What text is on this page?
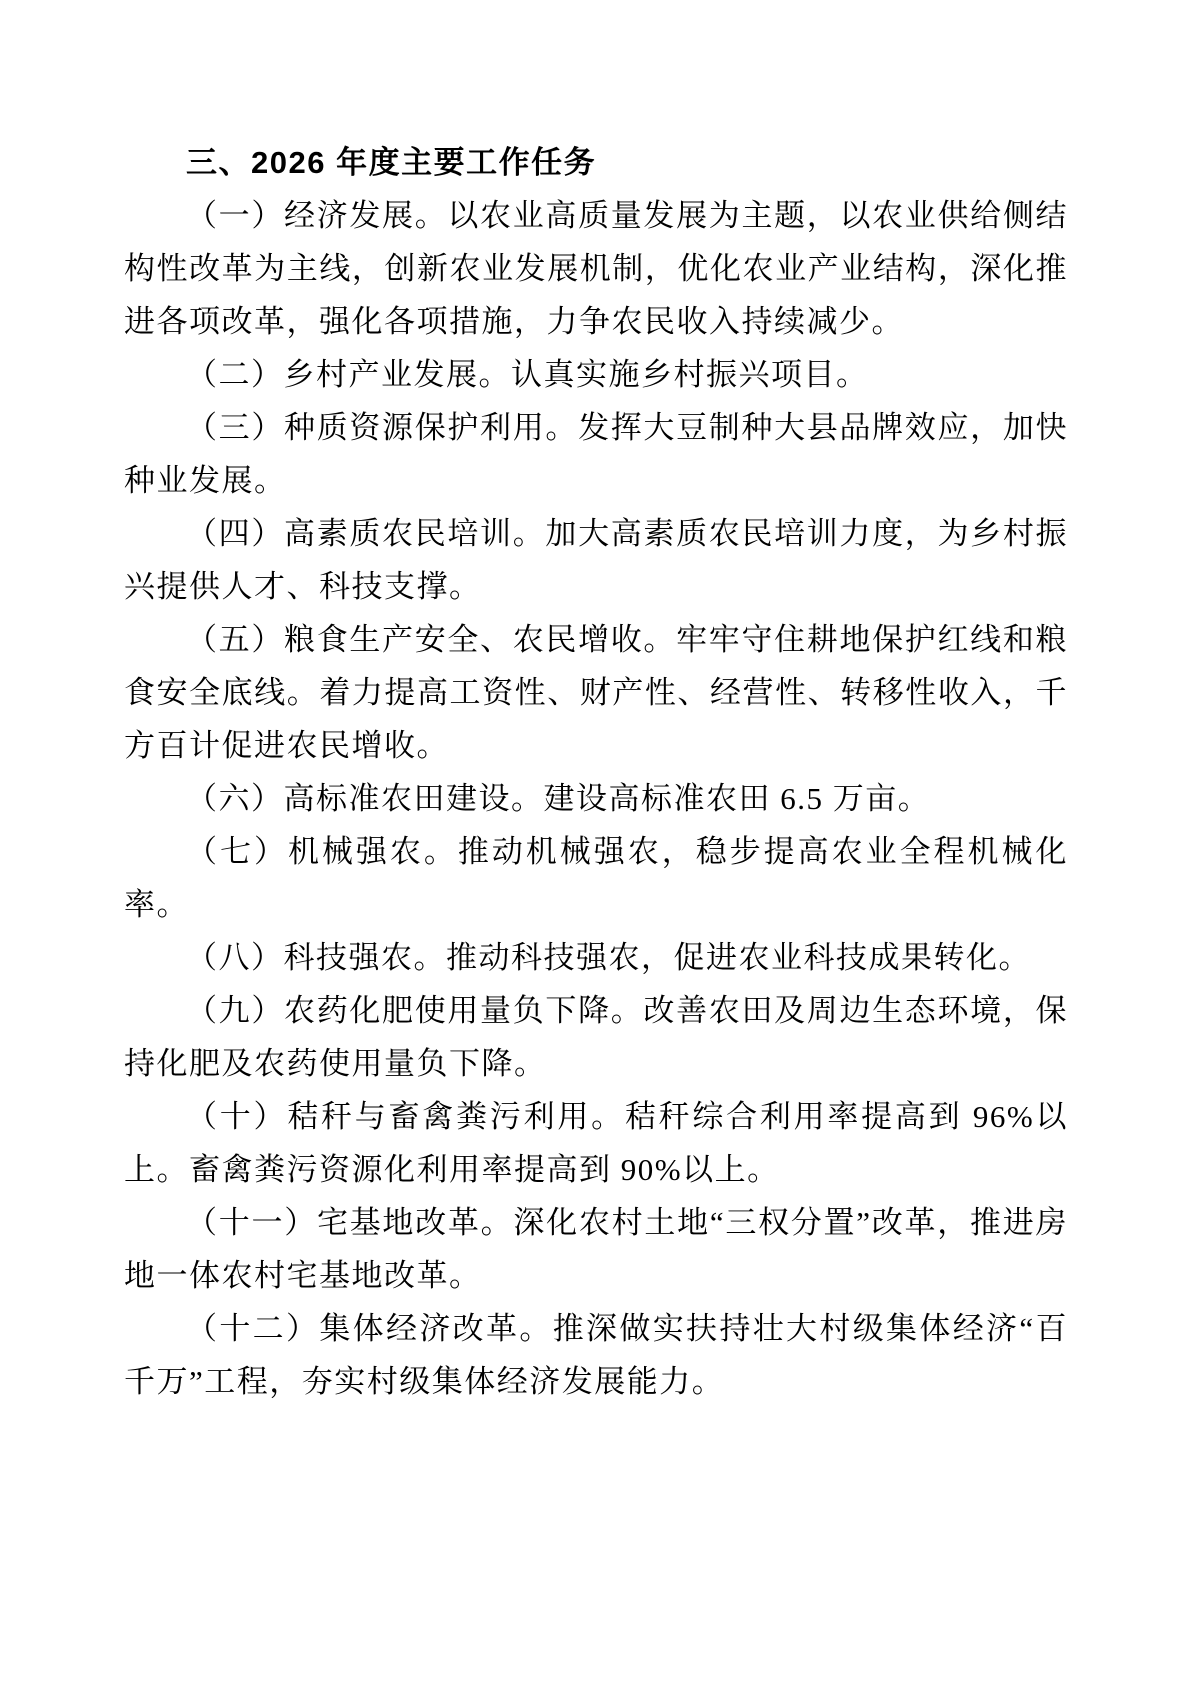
三、2026 年度主要工作任务

（一）经济发展。以农业高质量发展为主题，以农业供给侧结构性改革为主线，创新农业发展机制，优化农业产业结构，深化推进各项改革，强化各项措施，力争农民收入持续减少。

（二）乡村产业发展。认真实施乡村振兴项目。

（三）种质资源保护利用。发挥大豆制种大县品牌效应，加快种业发展。

（四）高素质农民培训。加大高素质农民培训力度，为乡村振兴提供人才、科技支撑。

（五）粮食生产安全、农民增收。牢牢守住耕地保护红线和粮食安全底线。着力提高工资性、财产性、经营性、转移性收入，千方百计促进农民增收。

（六）高标准农田建设。建设高标准农田 6.5 万亩。

（七）机械强农。推动机械强农，稳步提高农业全程机械化率。

（八）科技强农。推动科技强农，促进农业科技成果转化。

（九）农药化肥使用量负下降。改善农田及周边生态环境，保持化肥及农药使用量负下降。

（十）秸秆与畜禽粪污利用。秸秆综合利用率提高到 96%以上。畜禽粪污资源化利用率提高到 90%以上。

（十一）宅基地改革。深化农村土地“三权分置”改革，推进房地一体农村宅基地改革。

（十二）集体经济改革。推深做实扶持壮大村级集体经济“百千万”工程，夯实村级集体经济发展能力。
